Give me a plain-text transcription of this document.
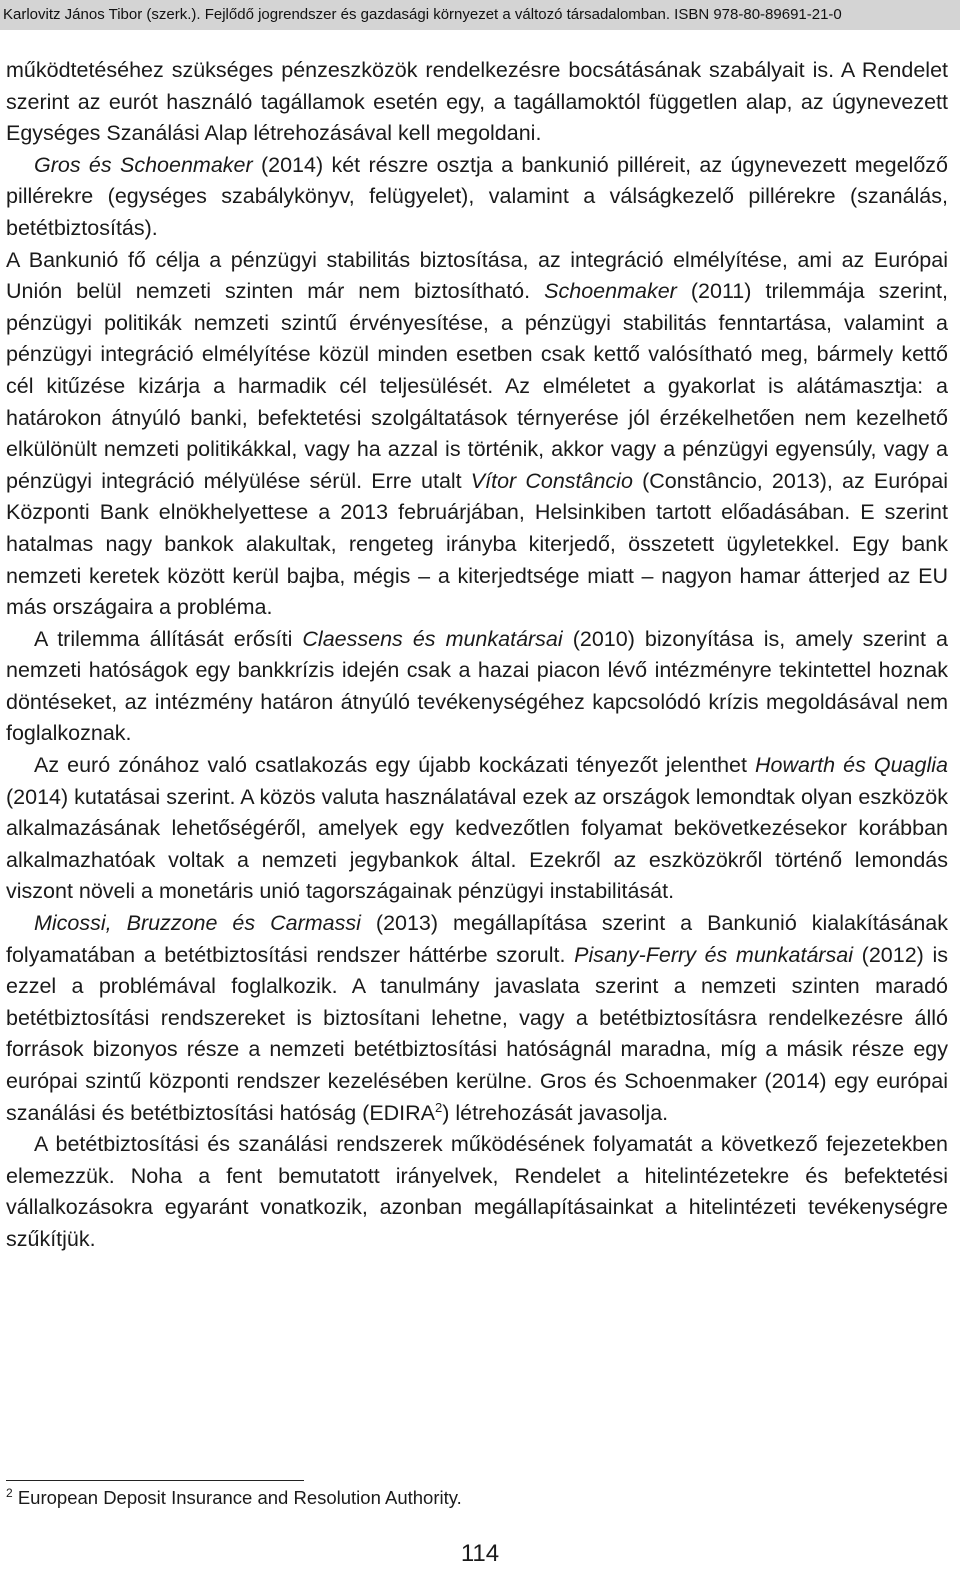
Karlovitz János Tibor (szerk.). Fejlődő jogrendszer és gazdasági környezet a változó társadalomban. ISBN 978-80-89691-21-0

működtetéséhez szükséges pénzeszközök rendelkezésre bocsátásának szabályait is. A Rendelet szerint az eurót használó tagállamok esetén egy, a tagállamoktól független alap, az úgynevezett Egységes Szanálási Alap létrehozásával kell megoldani.

Gros és Schoenmaker (2014) két részre osztja a bankunió pilléreit, az úgynevezett megelőző pillérekre (egységes szabálykönyv, felügyelet), valamint a válságkezelő pillérekre (szanálás, betétbiztosítás).

A Bankunió fő célja a pénzügyi stabilitás biztosítása, az integráció elmélyítése, ami az Európai Unión belül nemzeti szinten már nem biztosítható. Schoenmaker (2011) trilemmája szerint, pénzügyi politikák nemzeti szintű érvényesítése, a pénzügyi stabilitás fenntartása, valamint a pénzügyi integráció elmélyítése közül minden esetben csak kettő valósítható meg, bármely kettő cél kitűzése kizárja a harmadik cél teljesülését. Az elméletet a gyakorlat is alátámasztja: a határokon átnyúló banki, befektetési szolgáltatások térnyerése jól érzékelhetően nem kezelhető elkülönült nemzeti politikákkal, vagy ha azzal is történik, akkor vagy a pénzügyi egyensúly, vagy a pénzügyi integráció mélyülése sérül. Erre utalt Vítor Constâncio (Constâncio, 2013), az Európai Központi Bank elnökhelyettese a 2013 februárjában, Helsinkiben tartott előadásában. E szerint hatalmas nagy bankok alakultak, rengeteg irányba kiterjedő, összetett ügyletekkel. Egy bank nemzeti keretek között kerül bajba, mégis – a kiterjedtsége miatt – nagyon hamar átterjed az EU más országaira a probléma.

A trilemma állítását erősíti Claessens és munkatársai (2010) bizonyítása is, amely szerint a nemzeti hatóságok egy bankkrízis idején csak a hazai piacon lévő intézményre tekintettel hoznak döntéseket, az intézmény határon átnyúló tevékenységéhez kapcsolódó krízis megoldásával nem foglalkoznak.

Az euró zónához való csatlakozás egy újabb kockázati tényezőt jelenthet Howarth és Quaglia (2014) kutatásai szerint. A közös valuta használatával ezek az országok lemondtak olyan eszközök alkalmazásának lehetőségéről, amelyek egy kedvezőtlen folyamat bekövetkezésekor korábban alkalmazhatóak voltak a nemzeti jegybankok által. Ezekről az eszközökről történő lemondás viszont növeli a monetáris unió tagországainak pénzügyi instabilitását.

Micossi, Bruzzone és Carmassi (2013) megállapítása szerint a Bankunió kialakításának folyamatában a betétbiztosítási rendszer háttérbe szorult. Pisany-Ferry és munkatársai (2012) is ezzel a problémával foglalkozik. A tanulmány javaslata szerint a nemzeti szinten maradó betétbiztosítási rendszereket is biztosítani lehetne, vagy a betétbiztosításra rendelkezésre álló források bizonyos része a nemzeti betétbiztosítási hatóságnál maradna, míg a másik része egy európai szintű központi rendszer kezelésében kerülne. Gros és Schoenmaker (2014) egy európai szanálási és betétbiztosítási hatóság (EDIRA$^2$) létrehozását javasolja.

A betétbiztosítási és szanálási rendszerek működésének folyamatát a következő fejezetekben elemezzük. Noha a fent bemutatott irányelvek, Rendelet a hitelintézetekre és befektetési vállalkozásokra egyaránt vonatkozik, azonban megállapításainkat a hitelintézeti tevékenységre szűkítjük.

$^2$ European Deposit Insurance and Resolution Authority.
114
